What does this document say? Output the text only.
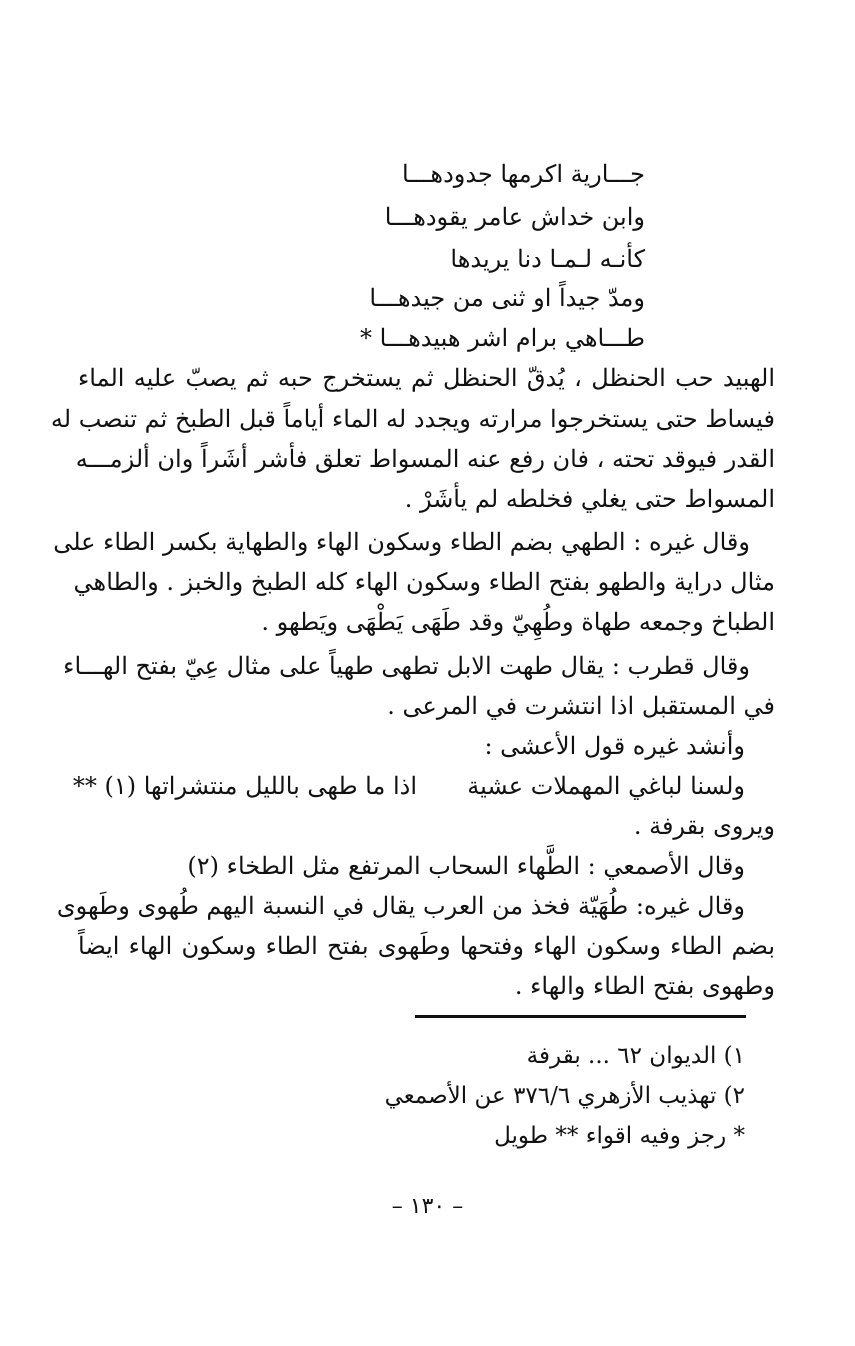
جـــارية اكرمها جدودهـــا
وابن خداش عامر يقودهـــا
كأنـه لـمـا دنا يريدها
ومدّ جيداً او ثنى من جيدهـــا
طـــاهي برام اشر هبيدهـــا *
الهبيد حب الحنظل ، يُدقّ الحنظل ثم يستخرج حبه ثم يصبّ عليه الماء
فيساط حتى يستخرجوا مرارته ويجدد له الماء أياماً قبل الطبخ ثم تنصب له
القدر فيوقد تحته ، فان رفع عنه المسواط تعلق فأشر أشَراً وان ألزمـــه
المسواط حتى يغلي فخلطه لم يأشَرْ .
وقال غيره : الطهي بضم الطاء وسكون الهاء والطهاية بكسر الطاء على
مثال دراية والطهو بفتح الطاء وسكون الهاء كله الطبخ والخبز . والطاهي
الطباخ وجمعه طهاة وطُهِيّ وقد طَهَى يَطْهَى ويَطهو .
وقال قطرب : يقال طهت الابل تطهى طهياً على مثال عِيّ بفتح الهـــاء
في المستقبل اذا انتشرت في المرعى .
وأنشد غيره قول الأعشى :
ولسنا لباغي المهملات عشية
اذا ما طهى بالليل منتشراتها (١) **
ويروى بقرفة .
وقال الأصمعي : الطَّهاء السحاب المرتفع مثل الطخاء (٢)
وقال غيره: طُهَيّة فخذ من العرب يقال في النسبة اليهم طُهوى وطَهوى
بضم الطاء وسكون الهاء وفتحها وطَهوى بفتح الطاء وسكون الهاء ايضاً
وطهوى بفتح الطاء والهاء .
١) الديوان ٦٢ ... بقرفة
٢) تهذيب الأزهري ٣٧٦/٦ عن الأصمعي
* رجز وفيه اقواء ** طويل
– ١٣٠ –
